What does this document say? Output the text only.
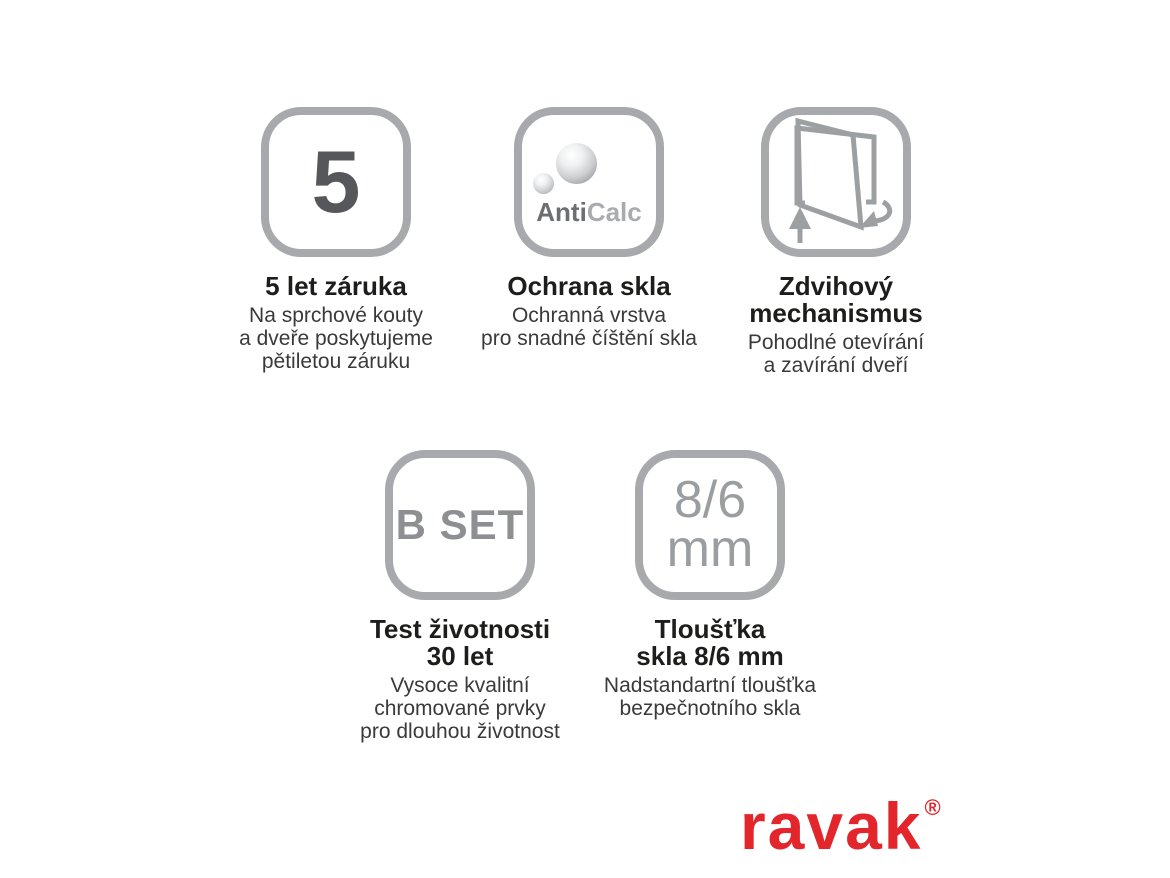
5
5 let záruka

Na sprchové kouty
a dveře poskytujeme
pětiletou záruku

AntiCalc
Ochrana skla

Ochranná vrstva
pro snadné číštění skla

Zdvihový
mechanismus

Pohodlné otevírání
a zavírání dveří

B SET
Test životnosti
30 let

Vysoce kvalitní
chromované prvky
pro dlouhou životnost

8/6
mm
Tloušťka
skla 8/6 mm

Nadstandartní tloušťka
bezpečnotního skla

ravak®
